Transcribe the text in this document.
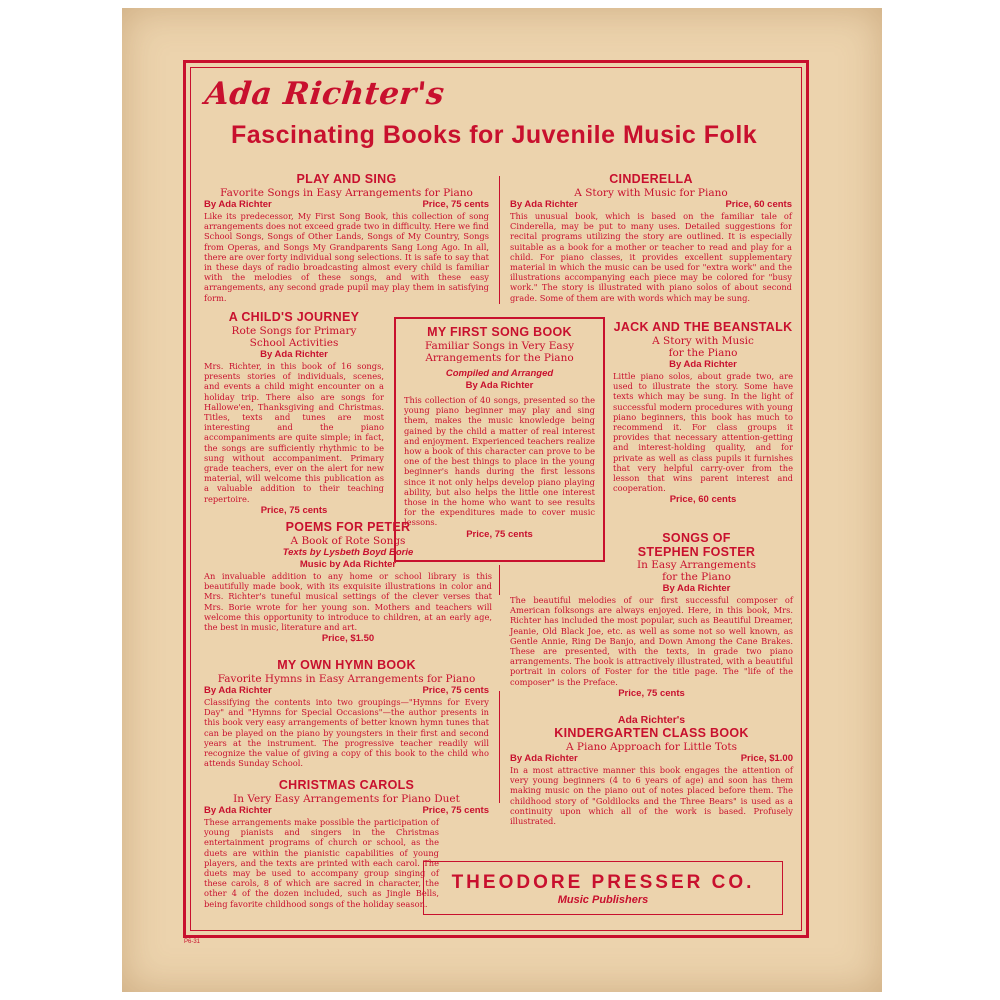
Ada Richter's
Fascinating Books for Juvenile Music Folk
PLAY AND SING
Favorite Songs in Easy Arrangements for Piano
By Ada Richter	Price, 75 cents
Like its predecessor, My First Song Book, this collection of song arrangements does not exceed grade two in difficulty. Here we find School Songs, Songs of Other Lands, Songs of My Country, Songs from Operas, and Songs My Grandparents Sang Long Ago. In all, there are over forty individual song selections. It is safe to say that in these days of radio broadcasting almost every child is familiar with the melodies of these songs, and with these easy arrangements, any second grade pupil may play them in satisfying form.
CINDERELLA
A Story with Music for Piano
By Ada Richter	Price, 60 cents
This unusual book, which is based on the familiar tale of Cinderella, may be put to many uses. Detailed suggestions for recital programs utilizing the story are outlined. It is especially suitable as a book for a mother or teacher to read and play for a child. For piano classes, it provides excellent supplementary material in which the music can be used for "extra work" and the illustrations accompanying each piece may be colored for "busy work." The story is illustrated with piano solos of about second grade. Some of them are with words which may be sung.
A CHILD'S JOURNEY
Rote Songs for Primary
School Activities
By Ada Richter
Mrs. Richter, in this book of 16 songs, presents stories of individuals, scenes, and events a child might encounter on a holiday trip. There also are songs for Hallowe'en, Thanksgiving and Christmas. Titles, texts and tunes are most interesting and the piano accompaniments are quite simple; in fact, the songs are sufficiently rhythmic to be sung without accompaniment. Primary grade teachers, ever on the alert for new material, will welcome this publication as a valuable addition to their teaching repertoire.
Price, 75 cents
MY FIRST SONG BOOK
Familiar Songs in Very Easy
Arrangements for the Piano
Compiled and Arranged
By Ada Richter
This collection of 40 songs, presented so the young piano beginner may play and sing them, makes the music knowledge being gained by the child a matter of real interest and enjoyment. Experienced teachers realize how a book of this character can prove to be one of the best things to place in the young beginner's hands during the first lessons since it not only helps develop piano playing ability, but also helps the little one interest those in the home who want to see results for the expenditures made to cover music lessons.
Price, 75 cents
JACK AND THE BEANSTALK
A Story with Music
for the Piano
By Ada Richter
Little piano solos, about grade two, are used to illustrate the story. Some have texts which may be sung. In the light of successful modern procedures with young piano beginners, this book has much to recommend it. For class groups it provides that necessary attention-getting and interest-holding quality, and for private as well as class pupils it furnishes that very helpful carry-over from the lesson that wins parent interest and cooperation.
Price, 60 cents
POEMS FOR PETER
A Book of Rote Songs
Texts by Lysbeth Boyd Borie
Music by Ada Richter
An invaluable addition to any home or school library is this beautifully made book, with its exquisite illustrations in color and Mrs. Richter's tuneful musical settings of the clever verses that Mrs. Borie wrote for her young son. Mothers and teachers will welcome this opportunity to introduce to children, at an early age, the best in music, literature and art.
Price, $1.50
SONGS OF
STEPHEN FOSTER
In Easy Arrangements
for the Piano
By Ada Richter
The beautiful melodies of our first successful composer of American folksongs are always enjoyed. Here, in this book, Mrs. Richter has included the most popular, such as Beautiful Dreamer, Jeanie, Old Black Joe, etc. as well as some not so well known, as Gentle Annie, Ring De Banjo, and Down Among the Cane Brakes. These are presented, with the texts, in grade two piano arrangements. The book is attractively illustrated, with a beautiful portrait in colors of Foster for the title page. The "life of the composer" is the Preface.
Price, 75 cents
MY OWN HYMN BOOK
Favorite Hymns in Easy Arrangements for Piano
By Ada Richter	Price, 75 cents
Classifying the contents into two groupings—"Hymns for Every Day" and "Hymns for Special Occasions"—the author presents in this book very easy arrangements of better known hymn tunes that can be played on the piano by youngsters in their first and second years at the instrument. The progressive teacher readily will recognize the value of giving a copy of this book to the child who attends Sunday School.
Ada Richter's
KINDERGARTEN CLASS BOOK
A Piano Approach for Little Tots
By Ada Richter	Price, $1.00
In a most attractive manner this book engages the attention of very young beginners (4 to 6 years of age) and soon has them making music on the piano out of notes placed before them. The childhood story of "Goldilocks and the Three Bears" is used as a continuity upon which all of the work is based. Profusely illustrated.
CHRISTMAS CAROLS
In Very Easy Arrangements for Piano Duet
By Ada Richter	Price, 75 cents
These arrangements make possible the participation of young pianists and singers in the Christmas entertainment programs of church or school, as the duets are within the pianistic capabilities of young players, and the texts are printed with each carol. The duets may be used to accompany group singing of these carols, 8 of which are sacred in character, the other 4 of the dozen included, such as Jingle Bells, being favorite childhood songs of the holiday season.
THEODORE PRESSER CO.
Music Publishers
P6-31
